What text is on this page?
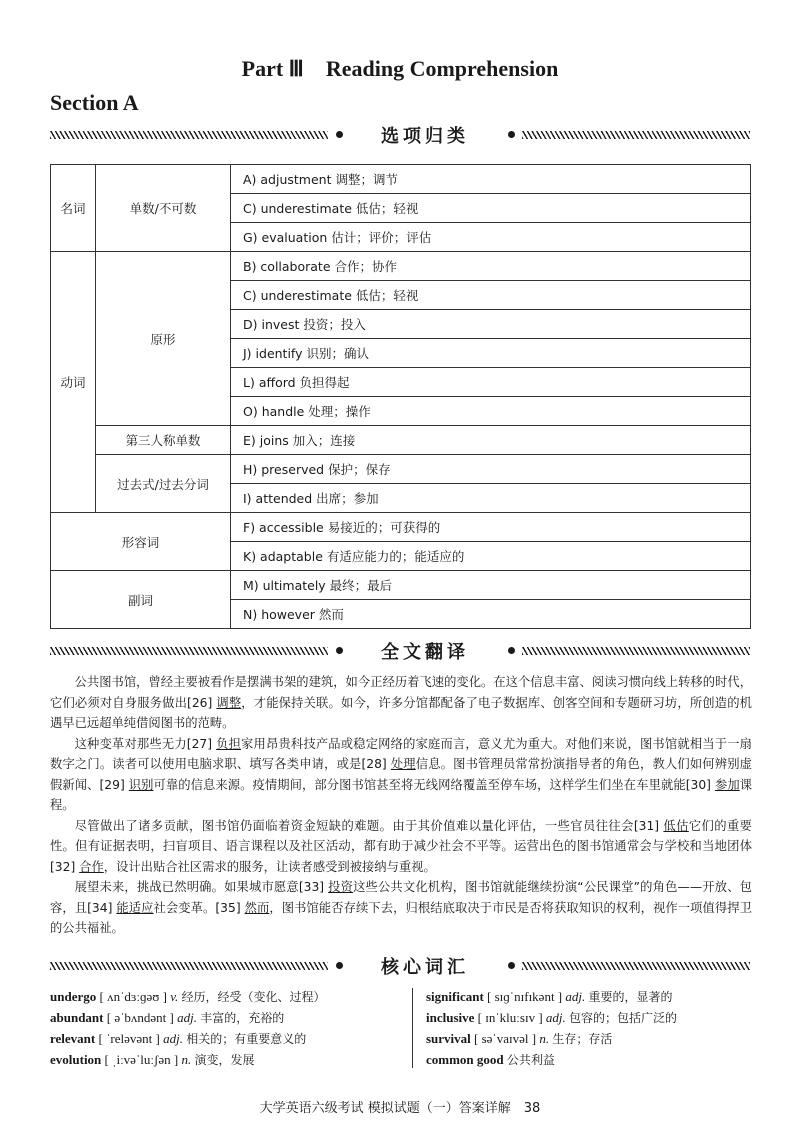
Part Ⅲ　Reading Comprehension
Section A
选项归类
名词	单数/不可数	A) adjustment 调整；调节
		C) underestimate 低估；轻视
		G) evaluation 估计；评价；评估
动词	原形	B) collaborate 合作；协作
		C) underestimate 低估；轻视
		D) invest 投资；投入
		J) identify 识别；确认
		L) afford 负担得起
		O) handle 处理；操作
	第三人称单数	E) joins 加入；连接
	过去式/过去分词	H) preserved 保护；保存
		I) attended 出席；参加
形容词		F) accessible 易接近的；可获得的
		K) adaptable 有适应能力的；能适应的
副词		M) ultimately 最终；最后
		N) however 然而
全文翻译

公共图书馆，曾经主要被看作是摆满书架的建筑，如今正经历着飞速的变化。在这个信息丰富、阅读习惯向线上转移的时代，它们必须对自身服务做出[26] 调整，才能保持关联。如今，许多分馆都配备了电子数据库、创客空间和专题研习坊，所创造的机遇早已远超单纯借阅图书的范畴。

这种变革对那些无力[27] 负担家用昂贵科技产品或稳定网络的家庭而言，意义尤为重大。对他们来说，图书馆就相当于一扇数字之门。读者可以使用电脑求职、填写各类申请，或是[28] 处理信息。图书管理员常常扮演指导者的角色，教人们如何辨别虚假新闻、[29] 识别可靠的信息来源。疫情期间，部分图书馆甚至将无线网络覆盖至停车场，这样学生们坐在车里就能[30] 参加课程。

尽管做出了诸多贡献，图书馆仍面临着资金短缺的难题。由于其价值难以量化评估，一些官员往往会[31] 低估它们的重要性。但有证据表明，扫盲项目、语言课程以及社区活动，都有助于减少社会不平等。运营出色的图书馆通常会与学校和当地团体[32] 合作，设计出贴合社区需求的服务，让读者感受到被接纳与重视。

展望未来，挑战已然明确。如果城市愿意[33] 投资这些公共文化机构，图书馆就能继续扮演“公民课堂”的角色——开放、包容，且[34] 能适应社会变革。[35] 然而，图书馆能否存续下去，归根结底取决于市民是否将获取知识的权利，视作一项值得捍卫的公共福祉。

核心词汇
undergo [ ʌnˈdɜːɡəʊ ] v. 经历，经受（变化、过程）
abundant [ əˈbʌndənt ] adj. 丰富的，充裕的
relevant [ ˈreləvənt ] adj. 相关的；有重要意义的
evolution [ ˌiːvəˈluːʃən ] n. 演变，发展
significant [ sɪɡˈnɪfɪkənt ] adj. 重要的，显著的
inclusive [ ɪnˈkluːsɪv ] adj. 包容的；包括广泛的
survival [ səˈvaɪvəl ] n. 生存；存活
common good 公共利益
大学英语六级考试 模拟试题（一）答案详解　38
